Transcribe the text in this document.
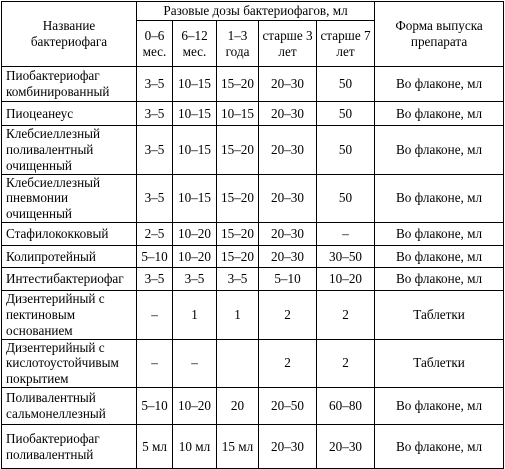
Название бактериофага	Разовые дозы бактериофагов, мл					Форма выпуска препарата
	0–6 мес.	6–12 мес.	1–3 года	старше 3 лет	старше 7 лет	
Пиобактериофаг комбинированный	3–5	10–15	15–20	20–30	50	Во флаконе, мл
Пиоцеанеус	3–5	10–15	10–15	20–30	50	Во флаконе, мл
Клебсиеллезный поливалентный очищенный	3–5	10–15	15–20	20–30	50	Во флаконе, мл
Клебсиеллезный пневмонии очищенный	3–5	10–15	15–20	20–30	50	Во флаконе, мл
Стафилококковый	2–5	10–20	15–20	20–30	–	Во флаконе, мл
Колипротейный	5–10	10–20	15–20	20–30	30–50	Во флаконе, мл
Интестибактериофаг	3–5	3–5	3–5	5–10	10–20	Во флаконе, мл
Дизентерийный с пектиновым основанием	–	1	1	2	2	Таблетки
Дизентерийный с кислотоустойчивым покрытием	–	–		2	2	Таблетки
Поливалентный сальмонеллезный	5–10	10–20	20	20–50	60–80	Во флаконе, мл
Пиобактериофаг поливалентный	5 мл	10 мл	15 мл	20–30	20–30	Во флаконе, мл
